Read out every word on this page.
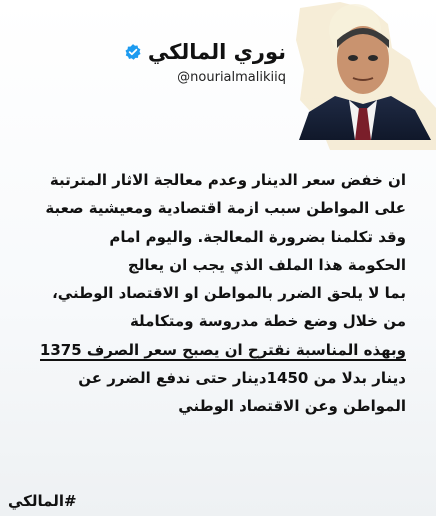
نوري المالكي
@nourialmalikiiq
ان خفض سعر الدينار وعدم معالجة الاثار المترتبة
على المواطن سبب ازمة اقتصادية ومعيشية صعبة
وقد تكلمنا بضرورة المعالجة. واليوم امام
الحكومة هذا الملف الذي يجب ان يعالج
بما لا يلحق الضرر بالمواطن او الاقتصاد الوطني،
من خلال وضع خطة مدروسة ومتكاملة
وبهذه المناسبة نقترح ان يصبح سعر الصرف 1375
دينار بدلا من 1450دينار حتى ندفع الضرر عن
المواطن وعن الاقتصاد الوطني
#المالكي
